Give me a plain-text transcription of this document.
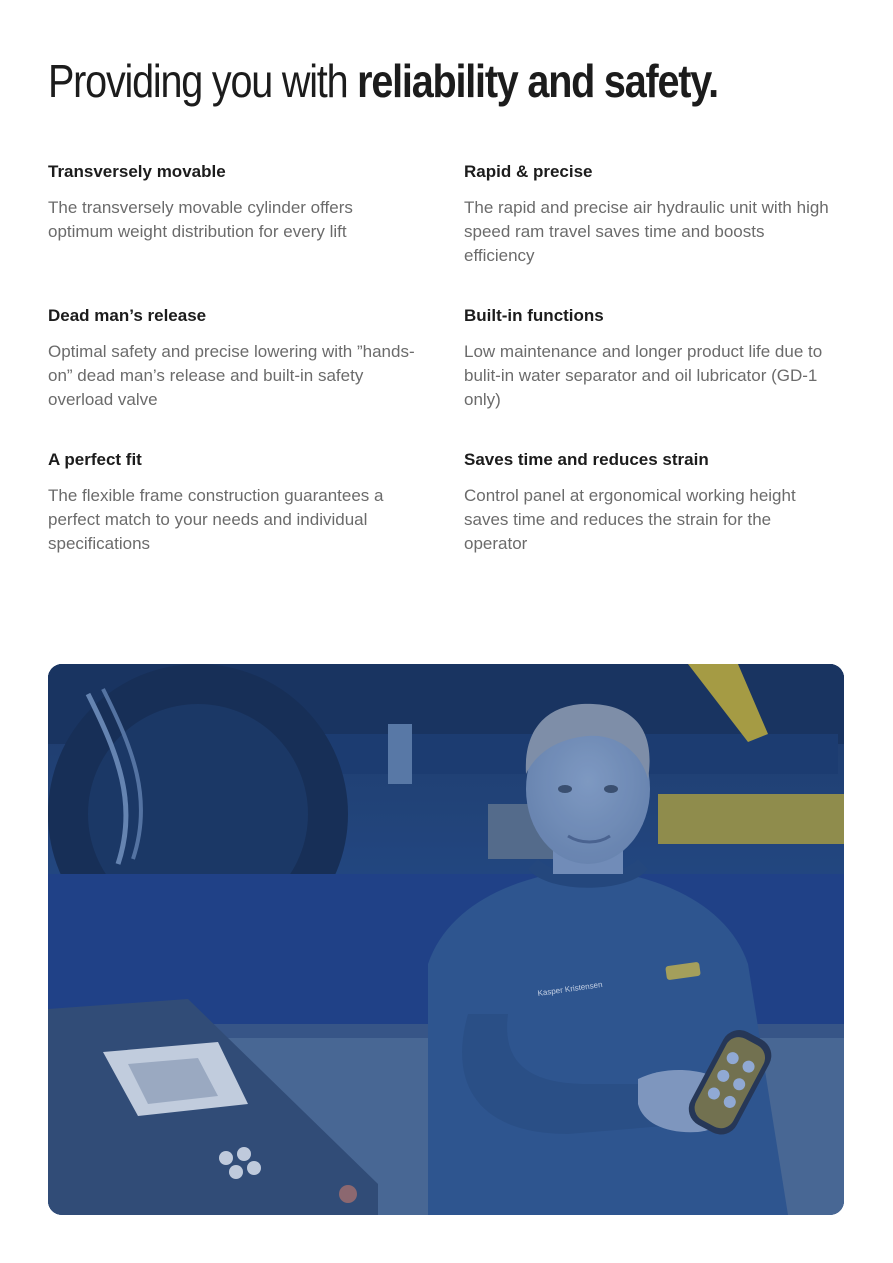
Providing you with reliability and safety.
Transversely movable

The transversely movable cylinder offers optimum weight distribution for every lift

Rapid & precise

The rapid and precise air hydraulic unit with high speed ram travel saves time and boosts efficiency

Dead man’s release

Optimal safety and precise lowering with ”hands-on” dead man’s release and built-in safety overload valve

Built-in functions

Low maintenance and longer product life due to bulit-in water separator and oil lubricator (GD-1 only)

A perfect fit

The flexible frame construction guarantees a perfect match to your needs and individual specifications

Saves time and reduces strain

Control panel at ergonomical working height saves time and reduces the strain for the operator

Kasper Kristensen
